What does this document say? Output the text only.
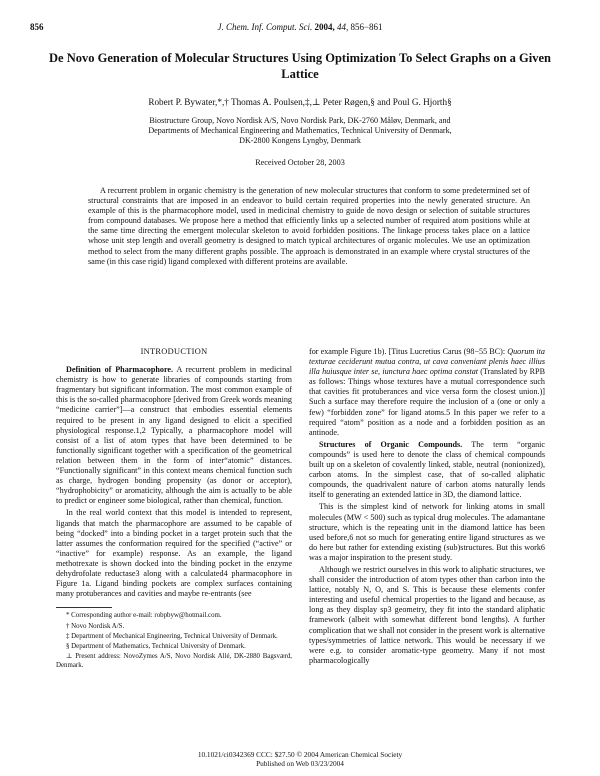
856	J. Chem. Inf. Comput. Sci. 2004, 44, 856−861
De Novo Generation of Molecular Structures Using Optimization To Select Graphs on a Given Lattice
Robert P. Bywater,*,† Thomas A. Poulsen,‡,⊥ Peter Røgen,§ and Poul G. Hjorth§
Biostructure Group, Novo Nordisk A/S, Novo Nordisk Park, DK-2760 Måløv, Denmark, and
Departments of Mechanical Engineering and Mathematics, Technical University of Denmark,
DK-2800 Kongens Lyngby, Denmark
Received October 28, 2003
A recurrent problem in organic chemistry is the generation of new molecular structures that conform to some predetermined set of structural constraints that are imposed in an endeavor to build certain required properties into the newly generated structure. An example of this is the pharmacophore model, used in medicinal chemistry to guide de novo design or selection of suitable structures from compound databases. We propose here a method that efficiently links up a selected number of required atom positions while at the same time directing the emergent molecular skeleton to avoid forbidden positions. The linkage process takes place on a lattice whose unit step length and overall geometry is designed to match typical architectures of organic molecules. We use an optimization method to select from the many different graphs possible. The approach is demonstrated in an example where crystal structures of the same (in this case rigid) ligand complexed with different proteins are available.
INTRODUCTION

Definition of Pharmacophore. A recurrent problem in medicinal chemistry is how to generate libraries of compounds starting from fragmentary but significant information. The most common example of this is the so-called pharmacophore [derived from Greek words meaning “medicine carrier”]—a construct that embodies essential elements required to be present in any ligand designed to elicit a specified physiological response.1,2 Typically, a pharmacophore model will consist of a list of atom types that have been determined to be functionally significant together with a specification of the geometrical relation between them in the form of inter“atomic” distances. “Functionally significant” in this context means chemical function such as charge, hydrogen bonding propensity (as donor or acceptor), “hydrophobicity” or aromaticity, although the aim is actually to be able to predict or engineer some biological, rather than chemical, function.

In the real world context that this model is intended to represent, ligands that match the pharmacophore are assumed to be capable of being “docked” into a binding pocket in a target protein such that the latter assumes the conformation required for the specified (“active” or “inactive” for example) response. As an example, the ligand methotrexate is shown docked into the binding pocket in the enzyme dehydrofolate reductase3 along with a calculated4 pharmacophore in Figure 1a. Ligand binding pockets are complex surfaces containing many protuberances and cavities and maybe re-entrants (see

* Corresponding author e-mail: robpbyw@hotmail.com.

† Novo Nordisk A/S.

‡ Department of Mechanical Engineering, Technical University of Denmark.

§ Department of Mathematics, Technical University of Denmark.

⊥ Present address: NovoZymes A/S, Novo Nordisk Allé, DK-2880 Bagsværd, Denmark.

for example Figure 1b). [Titus Lucretius Carus (98−55 BC): Quorum ita texturae ceciderunt mutua contra, ut cava conveniant plenis haec illius illa huiusque inter se, iunctura haec optima constat (Translated by RPB as follows: Things whose textures have a mutual correspondence such that cavities fit protuberances and vice versa form the closest union.)] Such a surface may therefore require the inclusion of a (one or only a few) “forbidden zone” for ligand atoms.5 In this paper we refer to a required “atom” position as a node and a forbidden position as an antinode.

Structures of Organic Compounds. The term “organic compounds” is used here to denote the class of chemical compounds built up on a skeleton of covalently linked, stable, neutral (nonionized), carbon atoms. In the simplest case, that of so-called aliphatic compounds, the quadrivalent nature of carbon atoms naturally lends itself to generating an extended lattice in 3D, the diamond lattice.

This is the simplest kind of network for linking atoms in small molecules (MW < 500) such as typical drug molecules. The adamantane structure, which is the repeating unit in the diamond lattice has been used before,6 not so much for generating entire ligand structures as we do here but rather for extending existing (sub)structures. But this work6 was a major inspiration to the present study.

Although we restrict ourselves in this work to aliphatic structures, we shall consider the introduction of atom types other than carbon into the lattice, notably N, O, and S. This is because these elements confer interesting and useful chemical properties to the ligand and because, as long as they display sp3 geometry, they fit into the standard aliphatic framework (albeit with somewhat different bond lengths). A further complication that we shall not consider in the present work is alternative types/symmetries of lattice network. This would be necessary if we were e.g. to consider aromatic-type geometry. Many if not most pharmacologically

10.1021/ci0342369 CCC: $27.50 © 2004 American Chemical Society
Published on Web 03/23/2004
